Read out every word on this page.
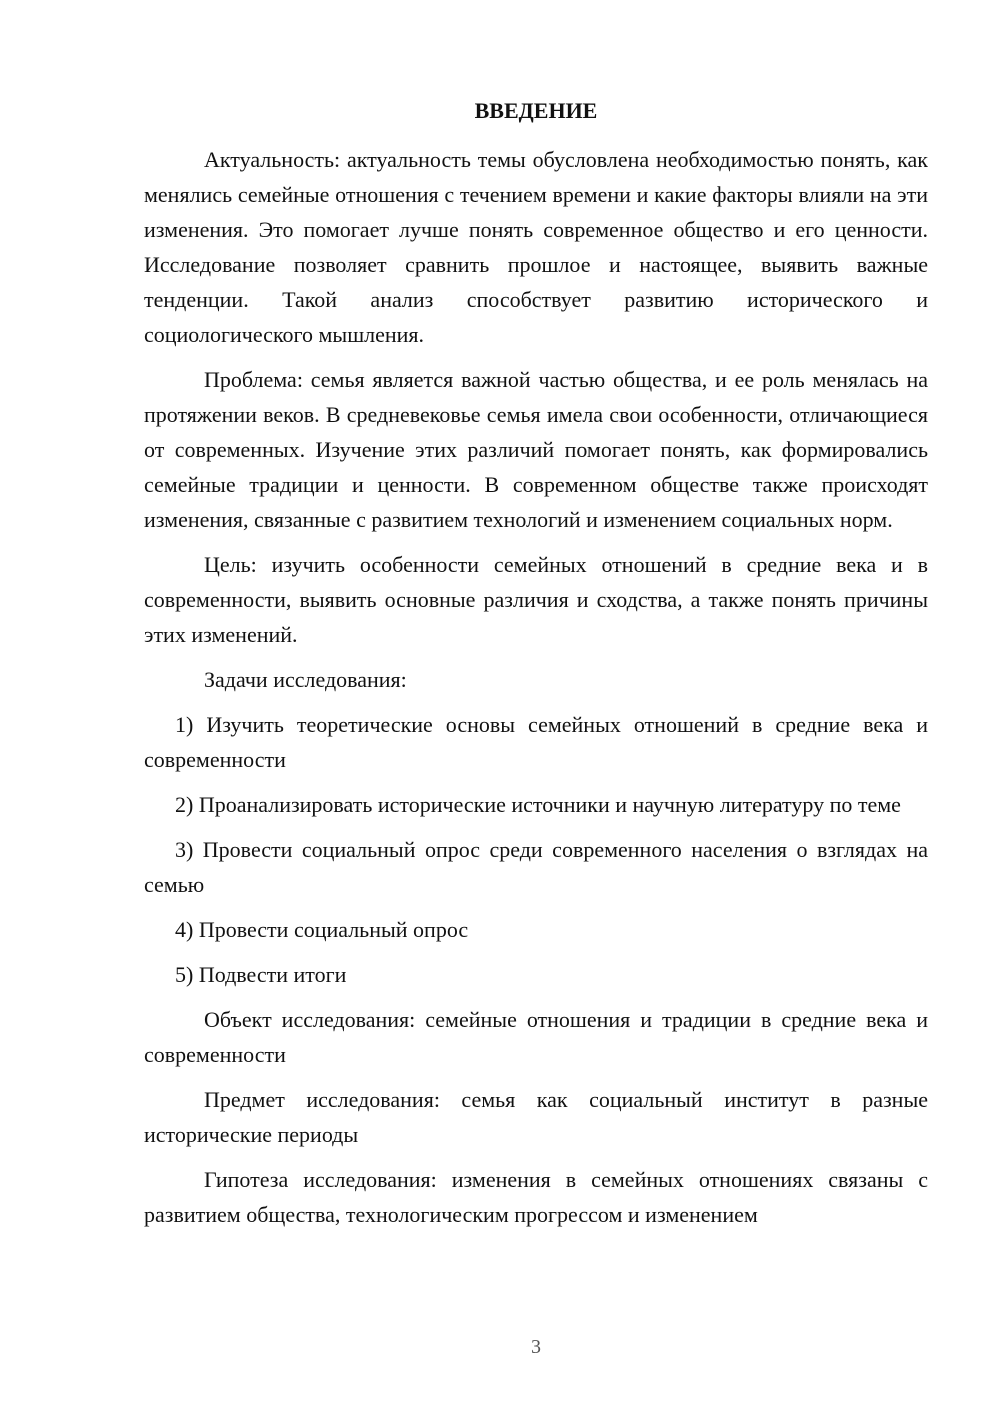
ВВЕДЕНИЕ

Актуальность: актуальность темы обусловлена необходимостью понять, как менялись семейные отношения с течением времени и какие факторы влияли на эти изменения. Это помогает лучше понять современное общество и его ценности. Исследование позволяет сравнить прошлое и настоящее, выявить важные тенденции. Такой анализ способствует развитию исторического и социологического мышления.

Проблема: семья является важной частью общества, и ее роль менялась на протяжении веков. В средневековье семья имела свои особенности, отличающиеся от современных. Изучение этих различий помогает понять, как формировались семейные традиции и ценности. В современном обществе также происходят изменения, связанные с развитием технологий и изменением социальных норм.

Цель: изучить особенности семейных отношений в средние века и в современности, выявить основные различия и сходства, а также понять причины этих изменений.

Задачи исследования:

1) Изучить теоретические основы семейных отношений в средние века и современности

2) Проанализировать исторические источники и научную литературу по теме

3) Провести социальный опрос среди современного населения о взглядах на семью

4) Провести социальный опрос

5) Подвести итоги

Объект исследования: семейные отношения и традиции в средние века и современности

Предмет исследования: семья как социальный институт в разные исторические периоды

Гипотеза исследования: изменения в семейных отношениях связаны с развитием общества, технологическим прогрессом и изменением

3
